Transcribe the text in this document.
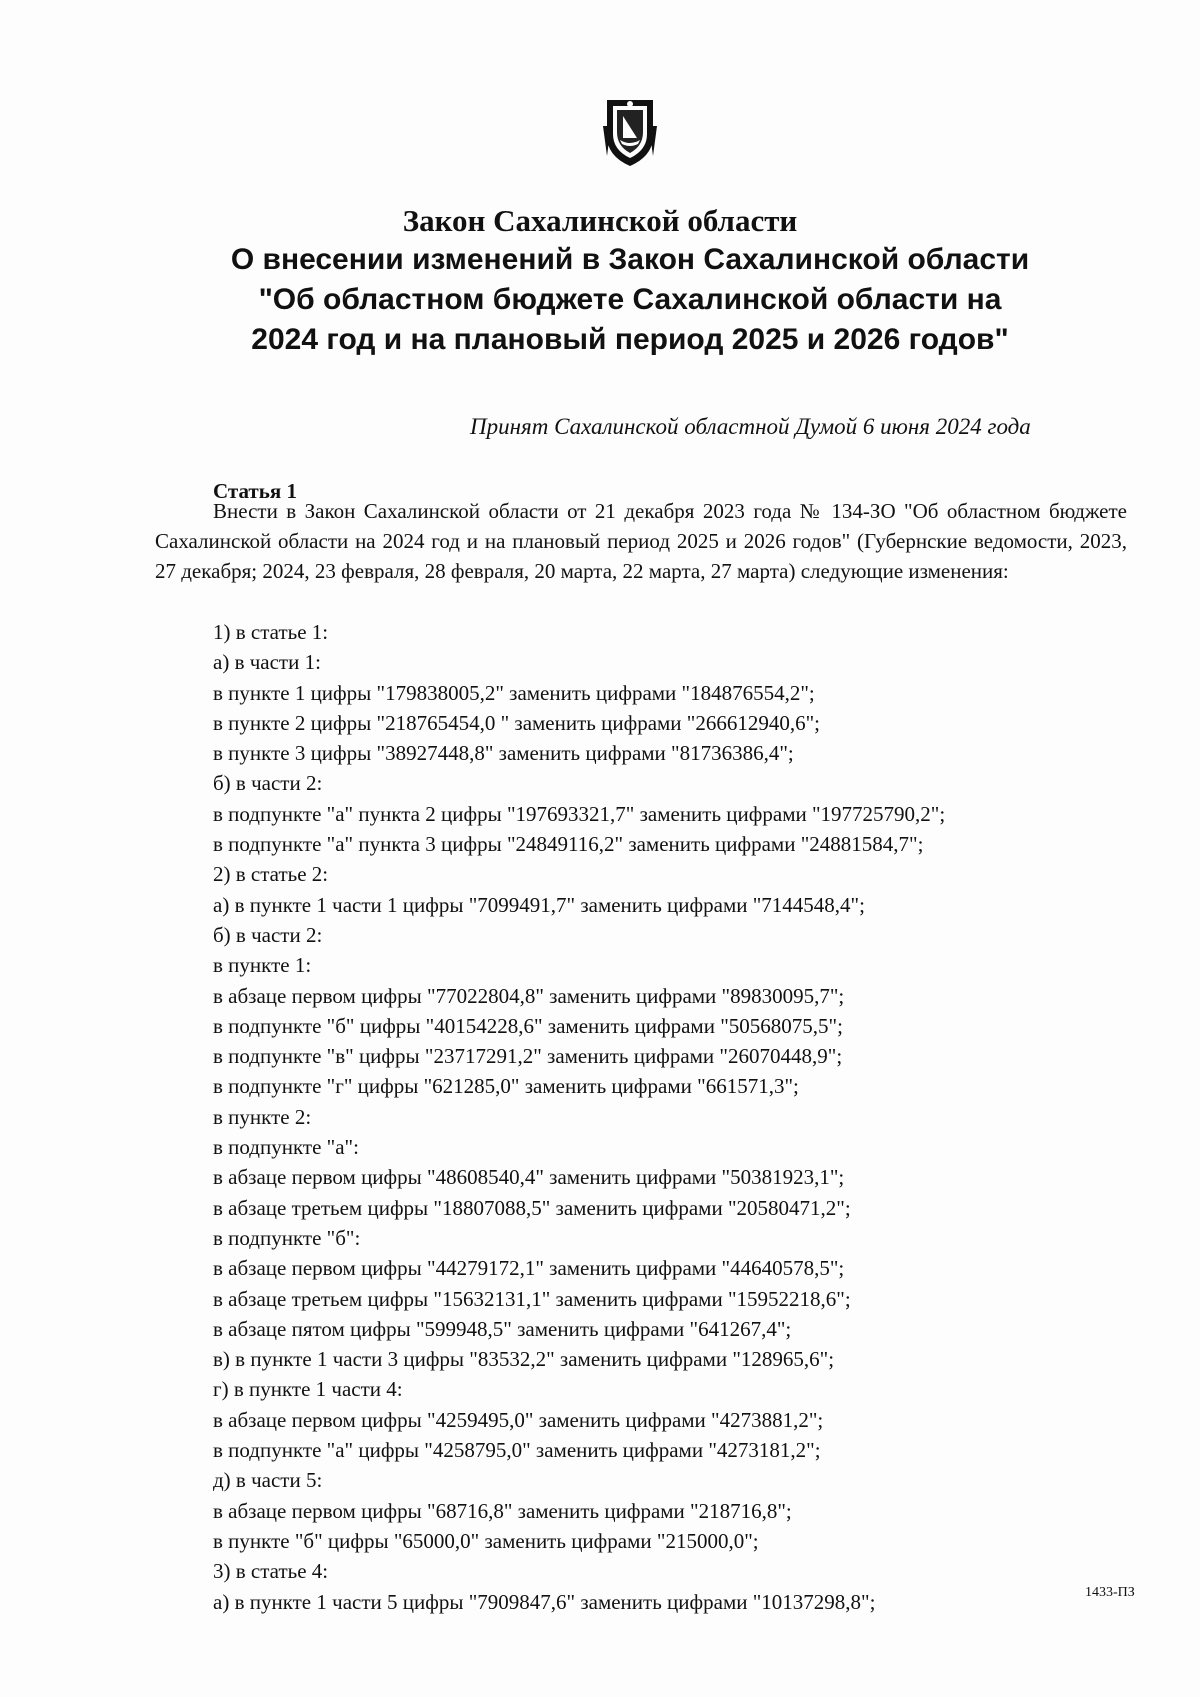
Закон Сахалинской области
О внесении изменений в Закон Сахалинской области "Об областном бюджете Сахалинской области на 2024 год и на плановый период 2025 и 2026 годов"
Принят Сахалинской областной Думой 6 июня 2024 года
Статья 1

Внести в Закон Сахалинской области от 21 декабря 2023 года № 134-ЗО "Об областном бюджете Сахалинской области на 2024 год и на плановый период 2025 и 2026 годов" (Губернские ведомости, 2023, 27 декабря; 2024, 23 февраля, 28 февраля, 20 марта, 22 марта, 27 марта) следующие изменения:

1) в статье 1:
а) в части 1:
в пункте 1 цифры "179838005,2" заменить цифрами "184876554,2";
в пункте 2 цифры "218765454,0 " заменить цифрами "266612940,6";
в пункте 3 цифры "38927448,8" заменить цифрами "81736386,4";
б) в части 2:
в подпункте "а" пункта 2 цифры "197693321,7" заменить цифрами "197725790,2";
в подпункте "а" пункта 3 цифры "24849116,2" заменить цифрами "24881584,7";
2) в статье 2:
а) в пункте 1 части 1 цифры "7099491,7" заменить цифрами "7144548,4";
б) в части 2:
в пункте 1:
в абзаце первом цифры "77022804,8" заменить цифрами "89830095,7";
в подпункте "б" цифры "40154228,6" заменить цифрами "50568075,5";
в подпункте "в" цифры "23717291,2" заменить цифрами "26070448,9";
в подпункте "г" цифры "621285,0" заменить цифрами "661571,3";
в пункте 2:
в подпункте "а":
в абзаце первом цифры "48608540,4" заменить цифрами "50381923,1";
в абзаце третьем цифры "18807088,5" заменить цифрами "20580471,2";
в подпункте "б":
в абзаце первом цифры "44279172,1" заменить цифрами "44640578,5";
в абзаце третьем цифры "15632131,1" заменить цифрами "15952218,6";
в абзаце пятом цифры "599948,5" заменить цифрами "641267,4";
в) в пункте 1 части 3 цифры "83532,2" заменить цифрами "128965,6";
г) в пункте 1 части 4:
в абзаце первом цифры "4259495,0" заменить цифрами "4273881,2";
в подпункте "а" цифры "4258795,0" заменить цифрами "4273181,2";
д) в части 5:
в абзаце первом цифры "68716,8" заменить цифрами "218716,8";
в пункте "б" цифры "65000,0" заменить цифрами "215000,0";
3) в статье 4:
а) в пункте 1 части 5 цифры "7909847,6" заменить цифрами "10137298,8";	1433-ПЗ
